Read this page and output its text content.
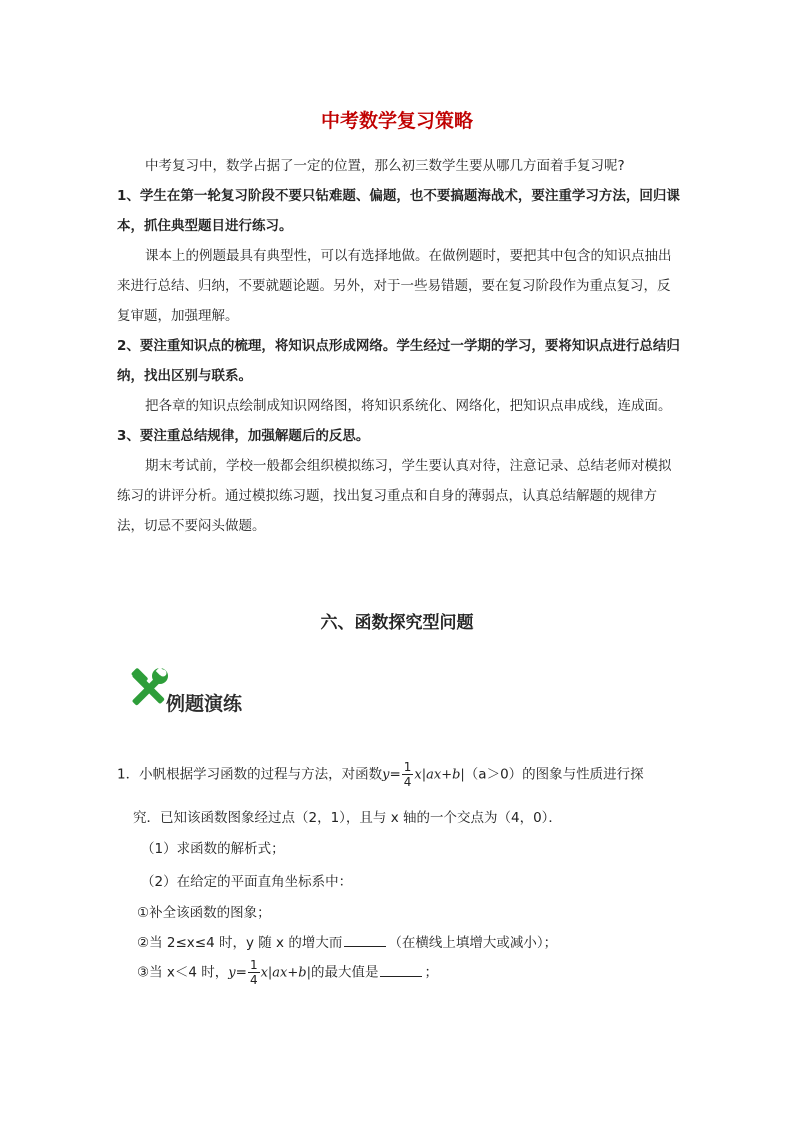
中考数学复习策略

中考复习中，数学占据了一定的位置，那么初三数学生要从哪几方面着手复习呢?

1、学生在第一轮复习阶段不要只钻难题、偏题，也不要搞题海战术，要注重学习方法，回归课本，抓住典型题目进行练习。

课本上的例题最具有典型性，可以有选择地做。在做例题时，要把其中包含的知识点抽出来进行总结、归纳，不要就题论题。另外，对于一些易错题，要在复习阶段作为重点复习，反复审题，加强理解。

2、要注重知识点的梳理，将知识点形成网络。学生经过一学期的学习，要将知识点进行总结归纳，找出区别与联系。

把各章的知识点绘制成知识网络图，将知识系统化、网络化，把知识点串成线，连成面。

3、要注重总结规律，加强解题后的反思。

期末考试前，学校一般都会组织模拟练习，学生要认真对待，注意记录、总结老师对模拟练习的讲评分析。通过模拟练习题，找出复习重点和自身的薄弱点，认真总结解题的规律方法，切忌不要闷头做题。

六、函数探究型问题
例题演练
1．小帆根据学习函数的过程与方法，对函数$y= \frac{1}{4} x|ax+b|(a>0)$的图象与性质进行探
究．已知该函数图象经过点（2，1），且与 x 轴的一个交点为（4，0）．
（1）求函数的解析式；
（2）在给定的平面直角坐标系中：
①补全该函数的图象；
②当 2≤x≤4 时，y 随 x 的增大而	（在横线上填增大或减小）；
③当 x＜4 时，$y= \frac{1}{4} x|ax+b|$的最大值是	；
